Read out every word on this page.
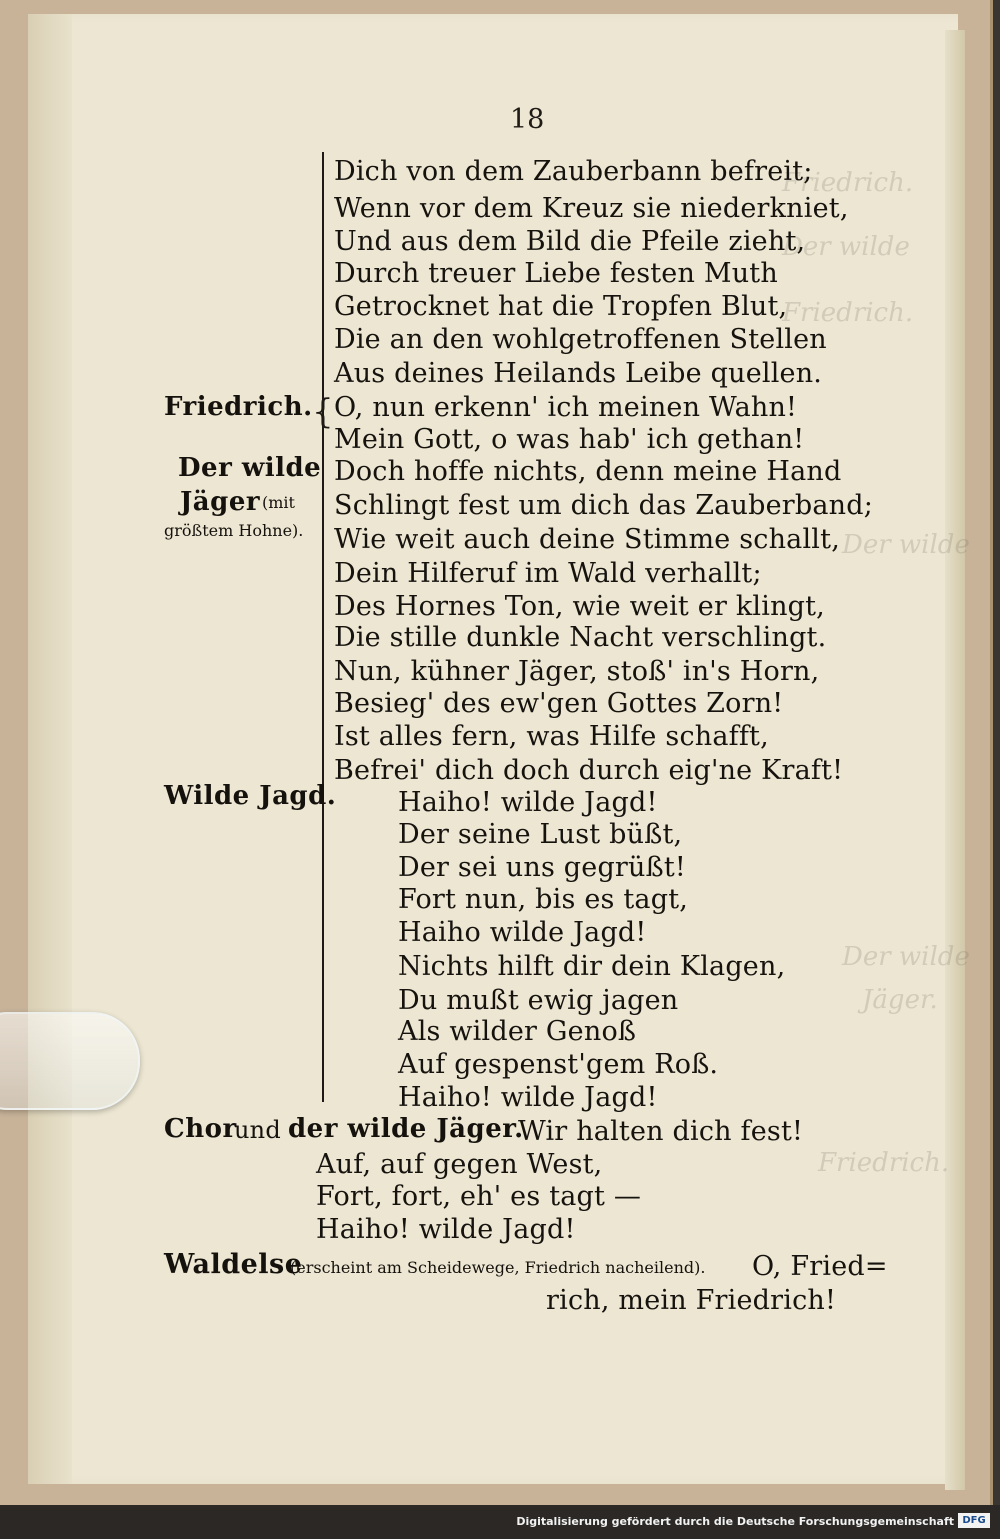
Friedrich.
Der wilde
Friedrich.
Der wilde
Der wilde
Jäger.
Friedrich.
18
{
Friedrich.
Der wilde
Jäger (mit
größtem Hohne).
Wilde Jagd.
Dich von dem Zauberbann befreit;
Wenn vor dem Kreuz sie niederkniet,
Und aus dem Bild die Pfeile zieht,
Durch treuer Liebe festen Muth
Getrocknet hat die Tropfen Blut,
Die an den wohlgetroffenen Stellen
Aus deines Heilands Leibe quellen.
O, nun erkenn' ich meinen Wahn!
Mein Gott, o was hab' ich gethan!
Doch hoffe nichts, denn meine Hand
Schlingt fest um dich das Zauberband;
Wie weit auch deine Stimme schallt,
Dein Hilferuf im Wald verhallt;
Des Hornes Ton, wie weit er klingt,
Die stille dunkle Nacht verschlingt.
Nun, kühner Jäger, stoß' in's Horn,
Besieg' des ew'gen Gottes Zorn!
Ist alles fern, was Hilfe schafft,
Befrei' dich doch durch eig'ne Kraft!
Haiho! wilde Jagd!
Der seine Lust büßt,
Der sei uns gegrüßt!
Fort nun, bis es tagt,
Haiho wilde Jagd!
Nichts hilft dir dein Klagen,
Du mußt ewig jagen
Als wilder Genoß
Auf gespenst'gem Roß.
Haiho! wilde Jagd!
Chor
und der wilde Jäger.
Wir halten dich fest!
Auf, auf gegen West,
Fort, fort, eh' es tagt —
Haiho! wilde Jagd!
Waldelse
(erscheint am Scheidewege, Friedrich nacheilend). O, Fried=
rich, mein Friedrich!
Digitalisierung gefördert durch die Deutsche Forschungsgemeinschaft DFG
